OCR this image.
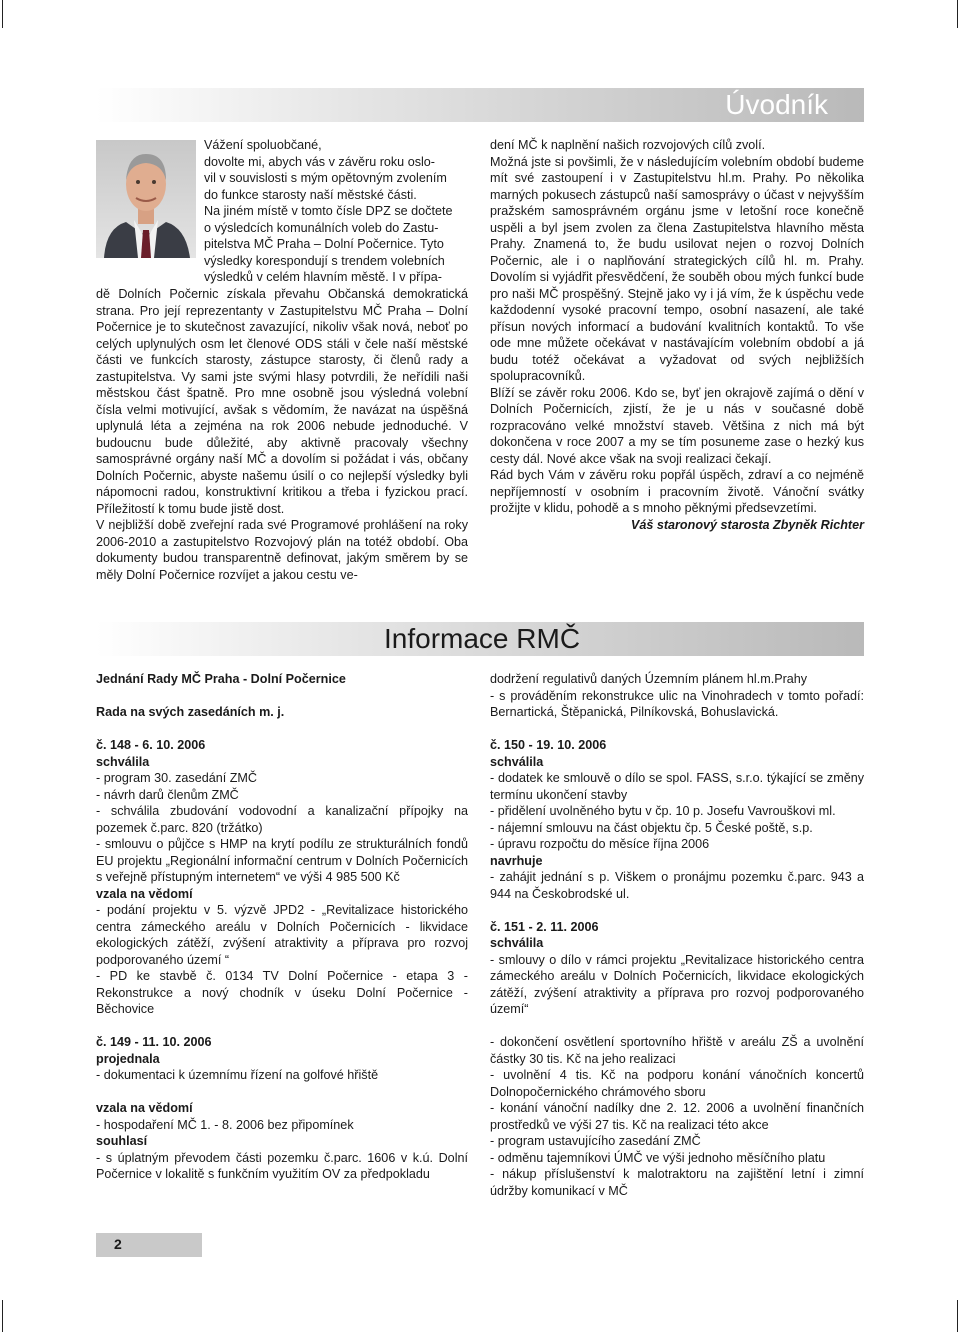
Úvodník

Vážení spoluobčané,

dovolte mi, abych vás v závěru roku oslo-

vil v souvislosti s mým opětovným zvolením

do funkce starosty naší městské části.

Na jiném místě v tomto čísle DPZ se dočtete

o výsledcích komunálních voleb do Zastu-

pitelstva MČ Praha – Dolní Počernice. Tyto

výsledky korespondují s trendem volebních

výsledků v celém hlavním městě. I v přípa-

dě Dolních Počernic získala převahu Občanská demokratická strana. Pro její reprezentanty v Zastupitelstvu MČ Praha – Dolní Počernice je to skutečnost zavazující, nikoliv však nová, neboť po celých uplynulých osm let členové ODS stáli v čele naší městské části ve funkcích starosty, zástupce starosty, či členů rady a zastupitelstva. Vy sami jste svými hlasy potvrdili, že neřídili naši městskou část špatně. Pro mne osobně jsou výsledná volební čísla velmi motivující, avšak s vědomím, že navázat na úspěšná uplynulá léta a zejména na rok 2006 nebude jednoduché. V budoucnu bude důležité, aby aktivně pracovaly všechny samosprávné orgány naší MČ a dovolím si požádat i vás, občany Dolních Počernic, abyste našemu úsilí o co nejlepší výsledky byli nápomocni radou, konstruktivní kritikou a třeba i fyzickou prací. Příležitostí k tomu bude jistě dost.

V nejbližší době zveřejní rada své Programové prohlášení na roky 2006-2010 a zastupitelstvo Rozvojový plán na totéž období. Oba dokumenty budou transparentně definovat, jakým směrem by se měly Dolní Počernice rozvíjet a jakou cestu ve-

dení MČ k naplnění našich rozvojových cílů zvolí.

Možná jste si povšimli, že v následujícím volebním období budeme mít své zastoupení i v Zastupitelstvu hl.m. Prahy. Po několika marných pokusech zástupců naší samosprávy o účast v nejvyšším pražském samosprávném orgánu jsme v letošní roce konečně uspěli a byl jsem zvolen za člena Zastupitelstva hlavního města Prahy. Znamená to, že budu usilovat nejen o rozvoj Dolních Počernic, ale i o naplňování strategických cílů hl. m. Prahy. Dovolím si vyjádřit přesvědčení, že souběh obou mých funkcí bude pro naši MČ prospěšný. Stejně jako vy i já vím, že k úspěchu vede každodenní vysoké pracovní tempo, osobní nasazení, ale také přísun nových informací a budování kvalitních kontaktů. To vše ode mne můžete očekávat v nastávajícím volebním období a já budu totéž očekávat a vyžadovat od svých nejbližších spolupracovníků.

Blíží se závěr roku 2006. Kdo se, byť jen okrajově zajímá o dění v Dolních Počernicích, zjistí, že je u nás v současné době rozpracováno velké množství staveb. Většina z nich má být dokončena v roce 2007 a my se tím posuneme zase o hezký kus cesty dál. Nové akce však na svoji realizaci čekají.

Rád bych Vám v závěru roku popřál úspěch, zdraví a co nejméně nepříjemností v osobním i pracovním životě. Vánoční svátky prožijte v klidu, pohodě a s mnoho pěknými předsevzetími.

Váš staronový starosta Zbyněk Richter

Informace RMČ

Jednání Rady MČ Praha - Dolní Počernice

Rada na svých zasedáních m. j.

č. 148 - 6. 10. 2006

schválila

- program 30. zasedání ZMČ

- návrh darů členům ZMČ

- schválila zbudování vodovodní a kanalizační přípojky na pozemek č.parc. 820 (tržátko)

- smlouvu o půjčce s HMP na krytí podílu ze strukturálních fondů EU projektu „Regionální informační centrum v Dolních Počernicích s veřejně přístupným internetem“ ve výši 4 985 500 Kč

vzala na vědomí

- podání projektu v 5. výzvě JPD2 - „Revitalizace historického centra zámeckého areálu v Dolních Počernicích - likvidace ekologických zátěží, zvýšení atraktivity a příprava pro rozvoj podporovaného území “

- PD ke stavbě č. 0134 TV Dolní Počernice - etapa 3 - Rekonstrukce a nový chodník v úseku Dolní Počernice - Běchovice

č. 149 - 11. 10. 2006

projednala

- dokumentaci k územnímu řízení na golfové hřiště

vzala na vědomí

- hospodaření MČ 1. - 8. 2006 bez připomínek

souhlasí

- s úplatným převodem části pozemku č.parc. 1606 v k.ú. Dolní Počernice v lokalitě s funkčním využitím OV za předpokladu

dodržení regulativů daných Územním plánem hl.m.Prahy

- s prováděním rekonstrukce ulic na Vinohradech v tomto pořadí: Bernartická, Štěpanická, Pilníkovská, Bohuslavická.

č. 150 - 19. 10. 2006

schválila

- dodatek ke smlouvě o dílo se spol. FASS, s.r.o. týkající se změny termínu ukončení stavby

- přidělení uvolněného bytu v čp. 10 p. Josefu Vavrouškovi ml.

- nájemní smlouvu na část objektu čp. 5 České poště, s.p.

- úpravu rozpočtu do měsíce října 2006

navrhuje

- zahájit jednání s p. Viškem o pronájmu pozemku č.parc. 943 a 944 na Českobrodské ul.

č. 151 - 2. 11. 2006

schválila

- smlouvy o dílo v rámci projektu „Revitalizace historického centra zámeckého areálu v Dolních Počernicích, likvidace ekologických zátěží, zvýšení atraktivity a příprava pro rozvoj podporovaného území“

- dokončení osvětlení sportovního hřiště v areálu ZŠ a uvolnění částky 30 tis. Kč na jeho realizaci

- uvolnění 4 tis. Kč na podporu konání vánočních koncertů Dolnopočernického chrámového sboru

- konání vánoční nadílky dne 2. 12. 2006 a uvolnění finančních prostředků ve výši 27 tis. Kč na realizaci této akce

- program ustavujícího zasedání ZMČ

- odměnu tajemníkovi ÚMČ ve výši jednoho měsíčního platu

- nákup příslušenství k malotraktoru na zajištění letní i zimní údržby komunikací v MČ

2
